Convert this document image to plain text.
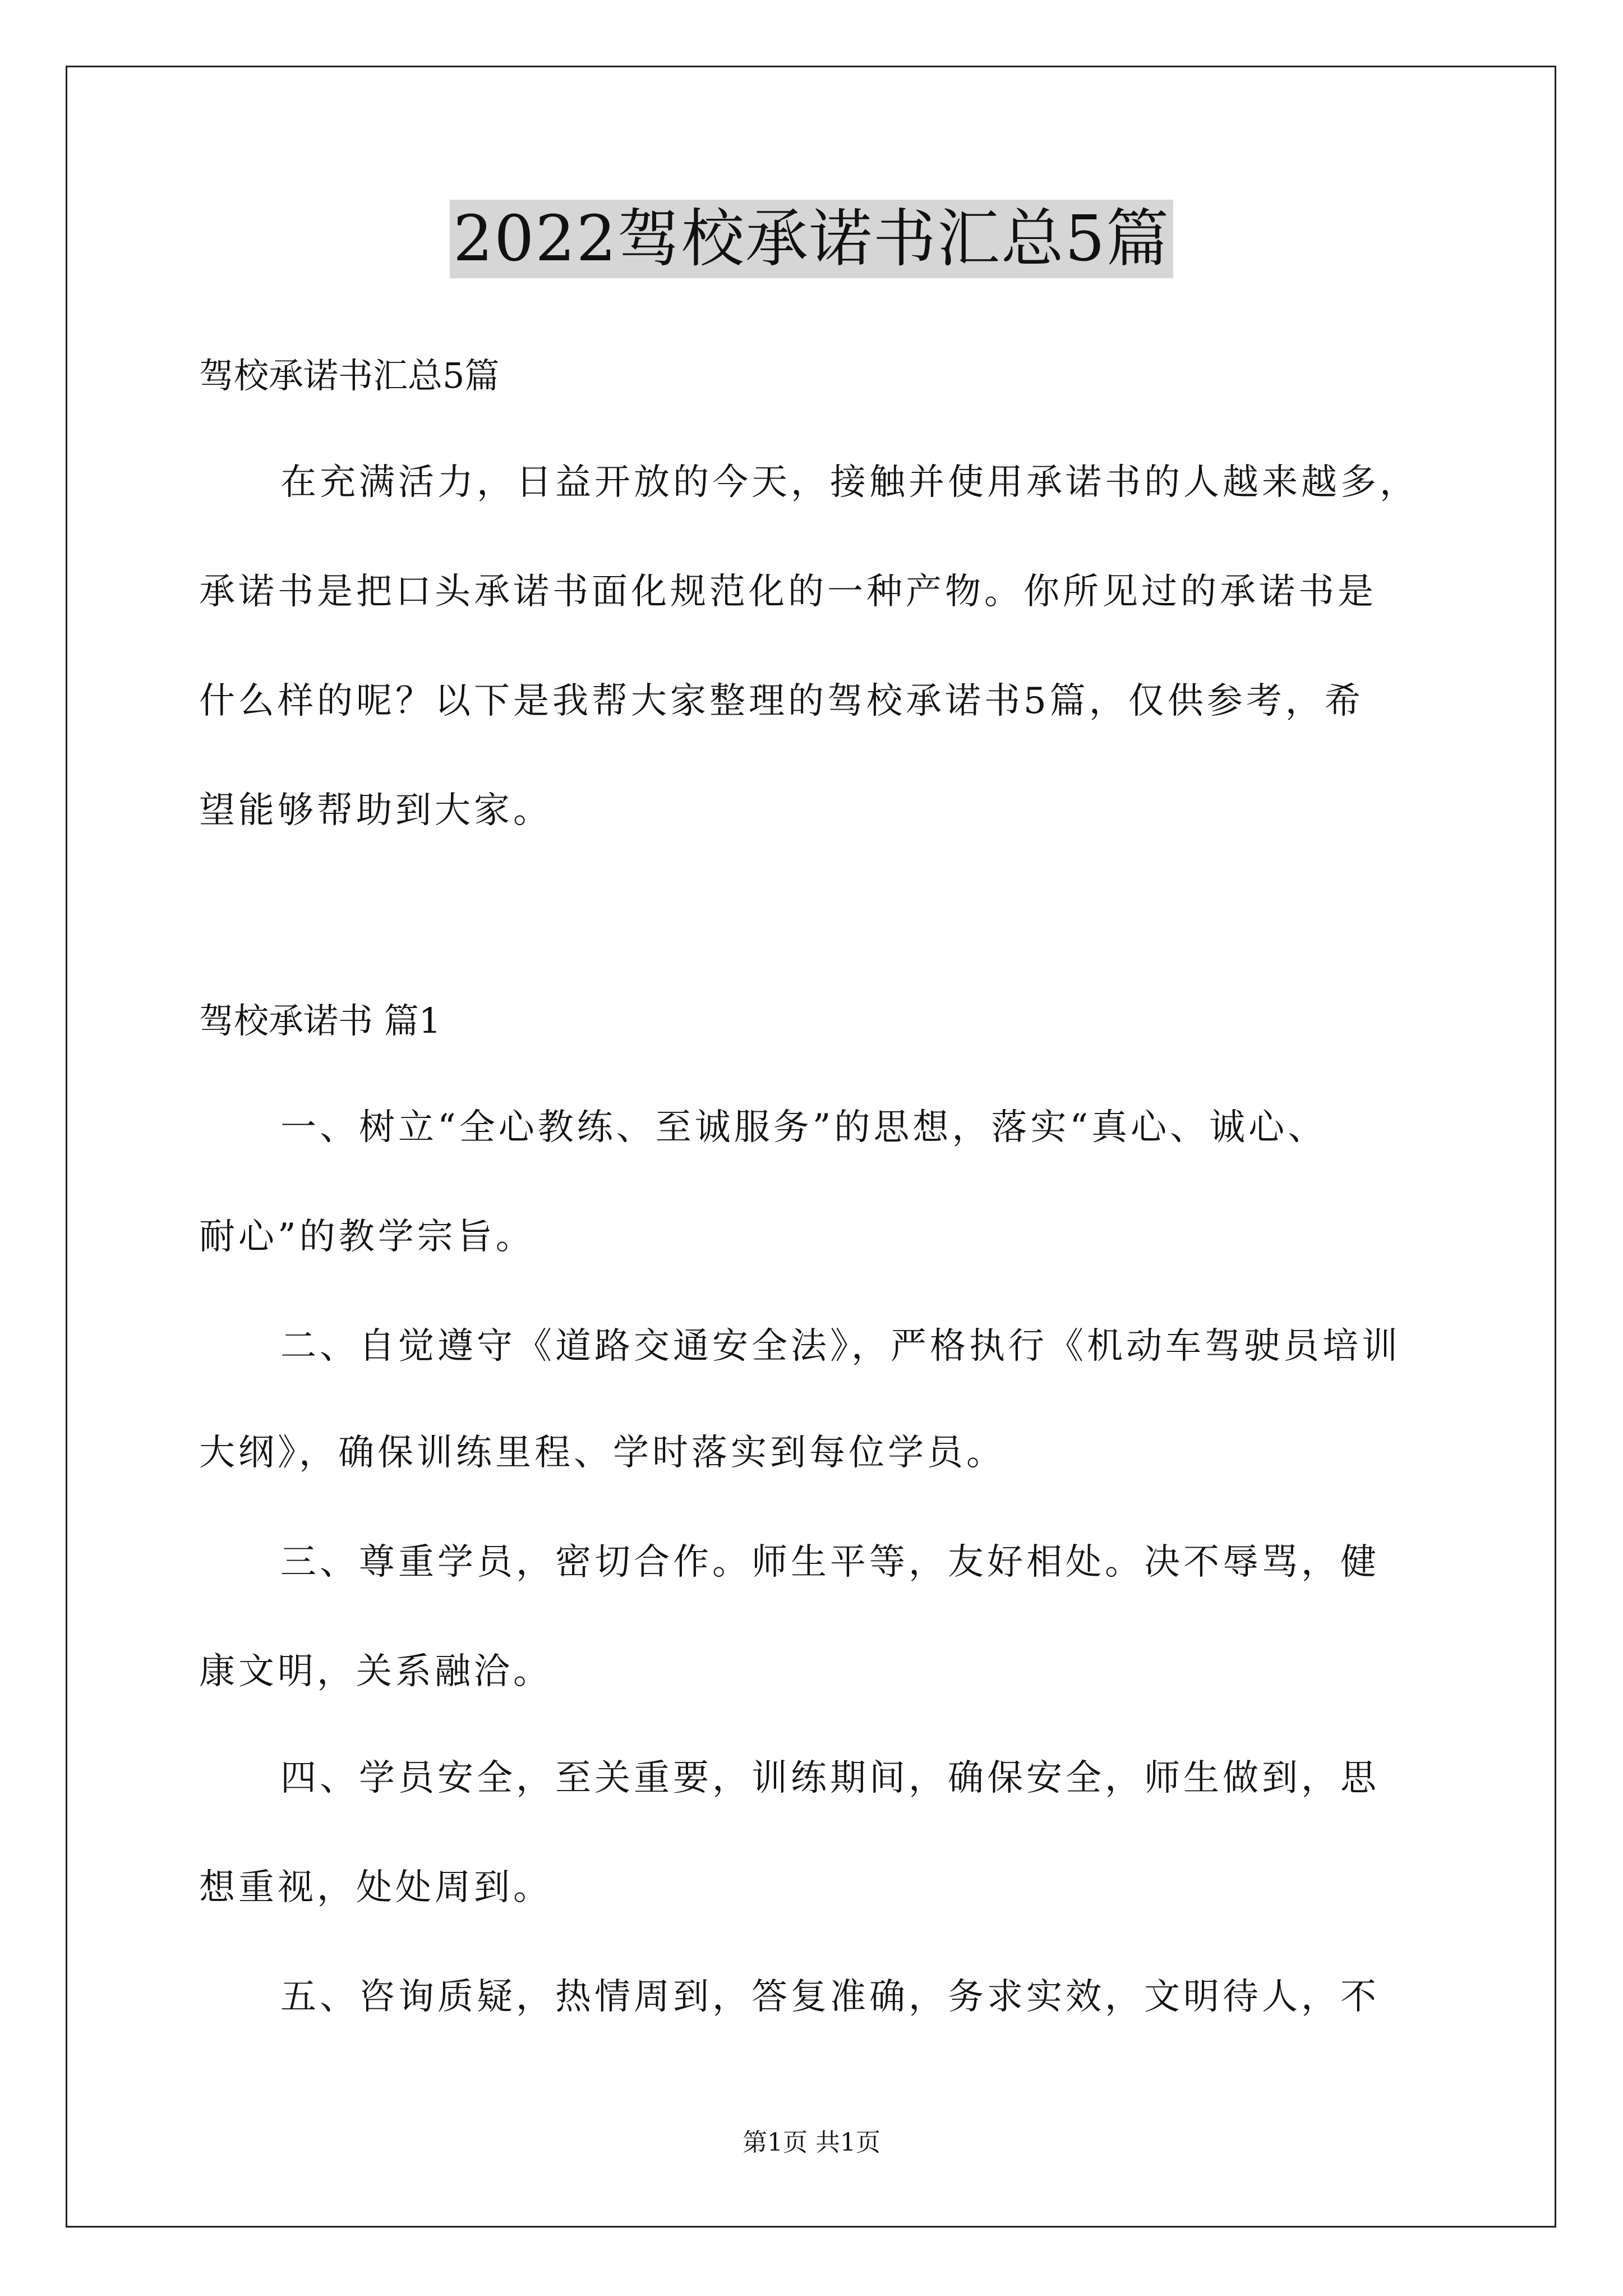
2022驾校承诺书汇总5篇
驾校承诺书汇总5篇
在充满活力，日益开放的今天，接触并使用承诺书的人越来越多，
承诺书是把口头承诺书面化规范化的一种产物。你所见过的承诺书是
什么样的呢？以下是我帮大家整理的驾校承诺书5篇，仅供参考，希
望能够帮助到大家。
驾校承诺书 篇1
一、树立“全心教练、至诚服务”的思想，落实“真心、诚心、
耐心”的教学宗旨。
二、自觉遵守《道路交通安全法》，严格执行《机动车驾驶员培训
大纲》，确保训练里程、学时落实到每位学员。
三、尊重学员，密切合作。师生平等，友好相处。决不辱骂，健
康文明，关系融洽。
四、学员安全，至关重要，训练期间，确保安全，师生做到，思
想重视，处处周到。
五、咨询质疑，热情周到，答复准确，务求实效，文明待人，不
第1页 共1页
